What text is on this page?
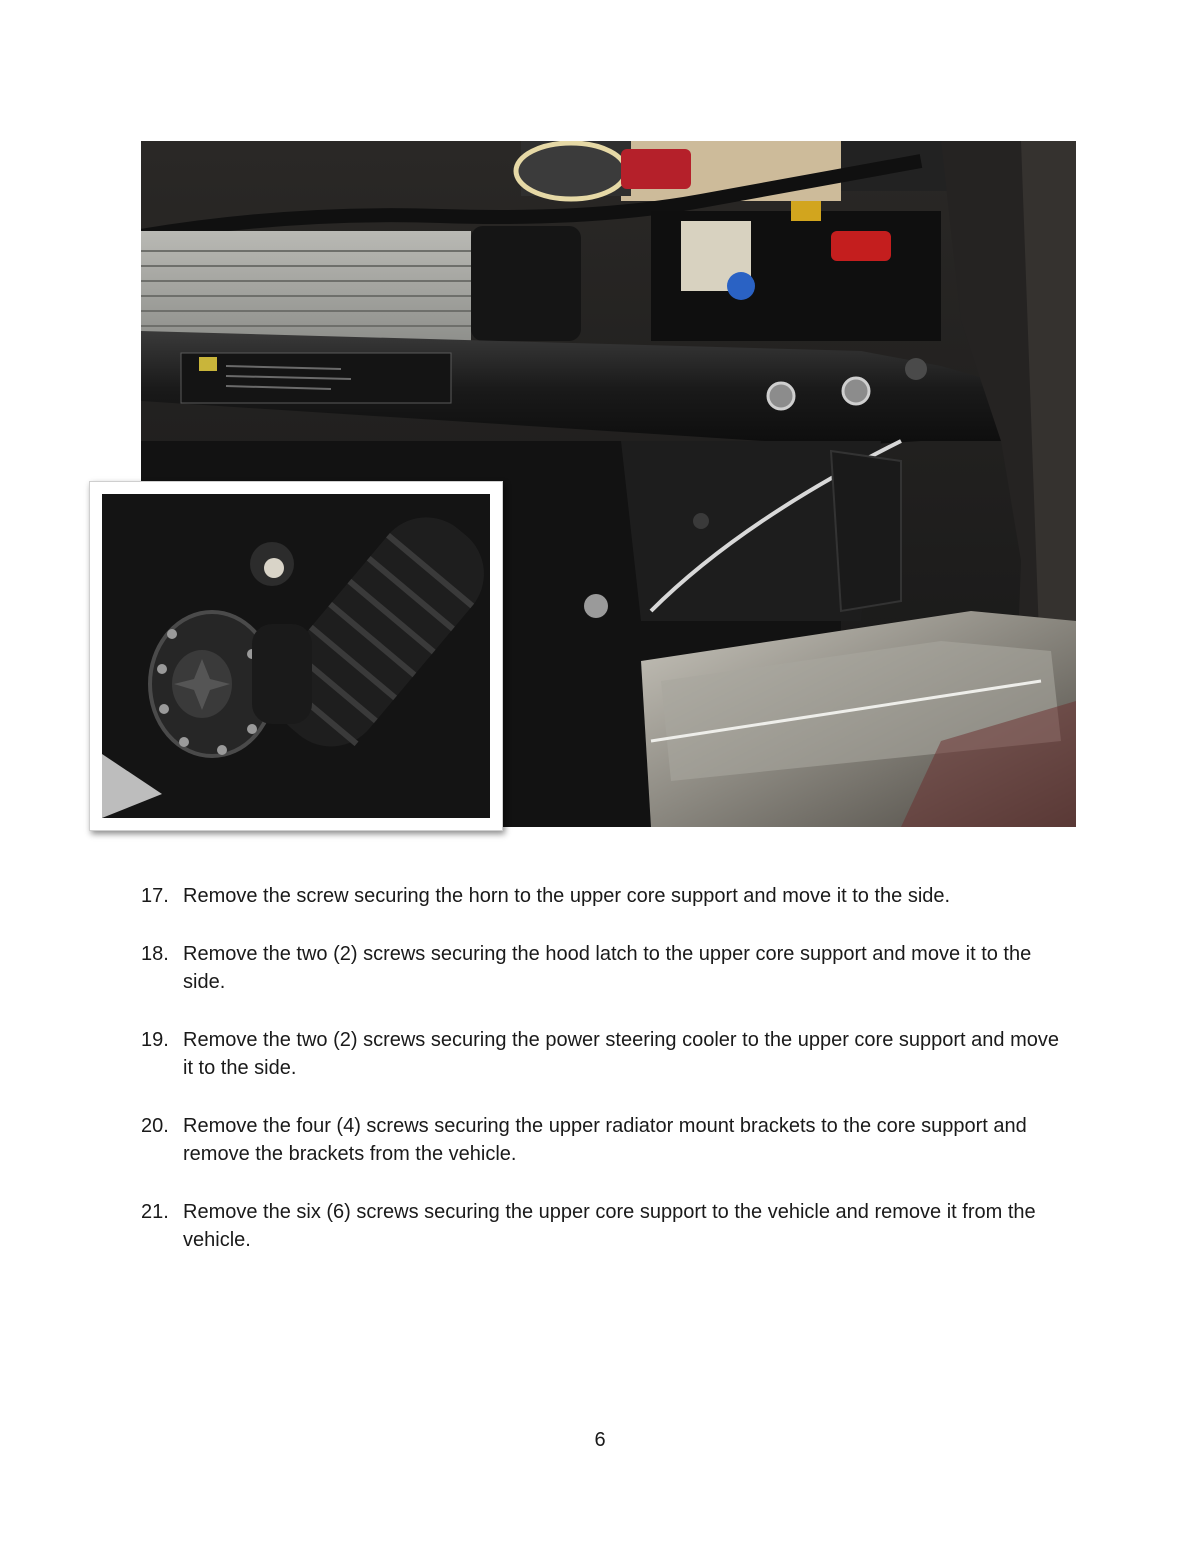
17. Remove the screw securing the horn to the upper core support and move it to the side.
18. Remove the two (2) screws securing the hood latch to the upper core support and move it to the side.
19. Remove the two (2) screws securing the power steering cooler to the upper core support and move it to the side.
20. Remove the four (4) screws securing the upper radiator mount brackets to the core support and remove the brackets from the vehicle.
21. Remove the six (6) screws securing the upper core support to the vehicle and remove it from the vehicle.
6
